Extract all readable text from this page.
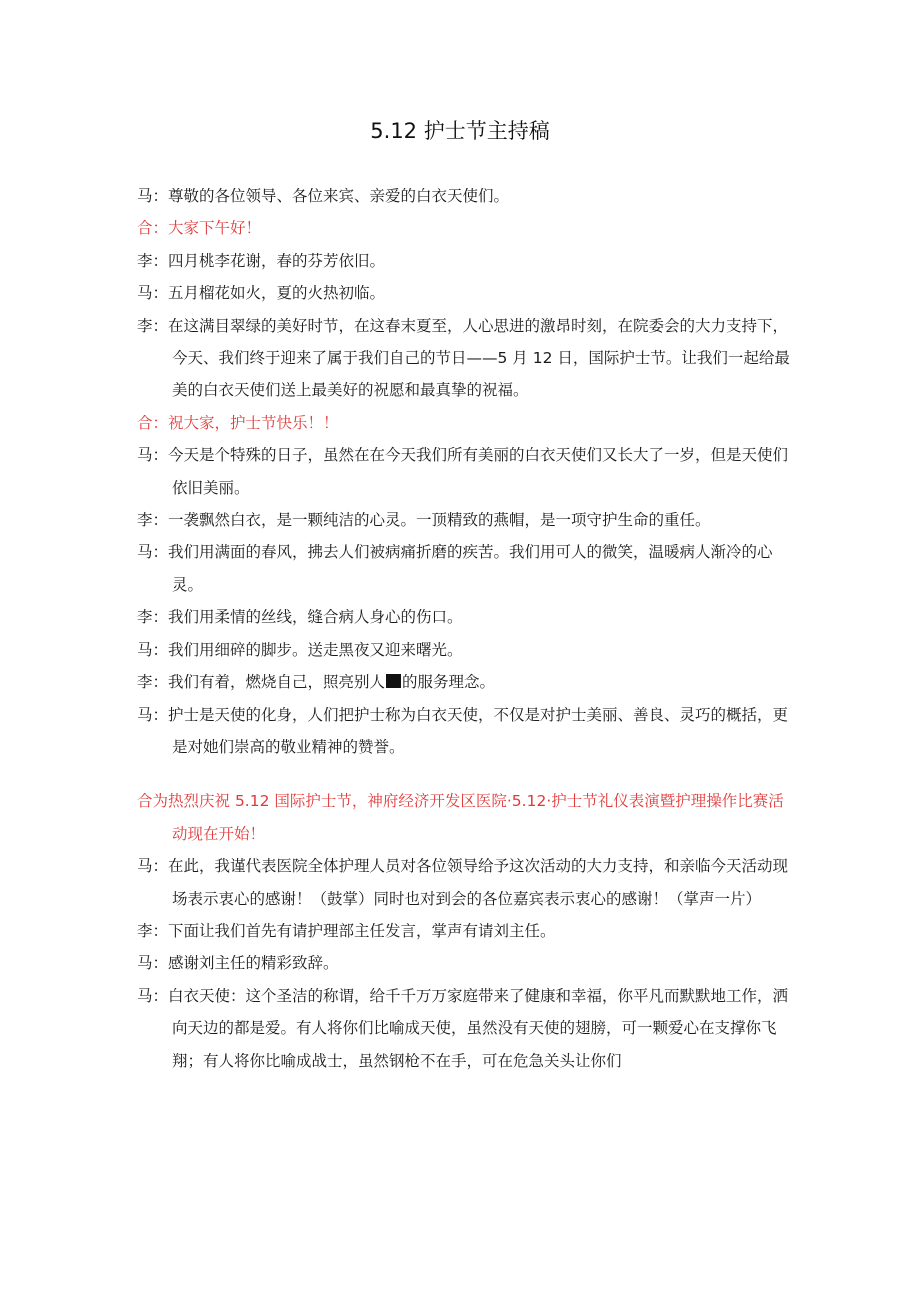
5.12 护士节主持稿

马：尊敬的各位领导、各位来宾、亲爱的白衣天使们。

合：大家下午好！

李：四月桃李花谢，春的芬芳依旧。

马：五月榴花如火，夏的火热初临。

李：在这满目翠绿的美好时节，在这春末夏至，人心思进的激昂时刻，在院委会的大力支持下，今天、我们终于迎来了属于我们自己的节日——5 月 12 日，国际护士节。让我们一起给最美的白衣天使们送上最美好的祝愿和最真挚的祝福。

合：祝大家，护士节快乐！！

马：今天是个特殊的日子，虽然在在今天我们所有美丽的白衣天使们又长大了一岁，但是天使们依旧美丽。

李：一袭飘然白衣，是一颗纯洁的心灵。一顶精致的燕帽，是一项守护生命的重任。

马：我们用满面的春风，拂去人们被病痛折磨的疾苦。我们用可人的微笑，温暖病人渐冷的心灵。

李：我们用柔情的丝线，缝合病人身心的伤口。

马：我们用细碎的脚步。送走黑夜又迎来曙光。

李：我们有着，燃烧自己，照亮别人 的服务理念。

马：护士是天使的化身，人们把护士称为白衣天使，不仅是对护士美丽、善良、灵巧的概括，更是对她们崇高的敬业精神的赞誉。

合为热烈庆祝 5.12 国际护士节，神府经济开发区医院·5.12·护士节礼仪表演暨护理操作比赛活动现在开始！

马：在此，我谨代表医院全体护理人员对各位领导给予这次活动的大力支持，和亲临今天活动现场表示衷心的感谢！（鼓掌）同时也对到会的各位嘉宾表示衷心的感谢！（掌声一片）

李：下面让我们首先有请护理部主任发言，掌声有请刘主任。

马：感谢刘主任的精彩致辞。

马：白衣天使：这个圣洁的称谓，给千千万万家庭带来了健康和幸福，你平凡而默默地工作，洒向天边的都是爱。有人将你们比喻成天使，虽然没有天使的翅膀，可一颗爱心在支撑你飞翔；有人将你比喻成战士，虽然钢枪不在手，可在危急关头让你们
